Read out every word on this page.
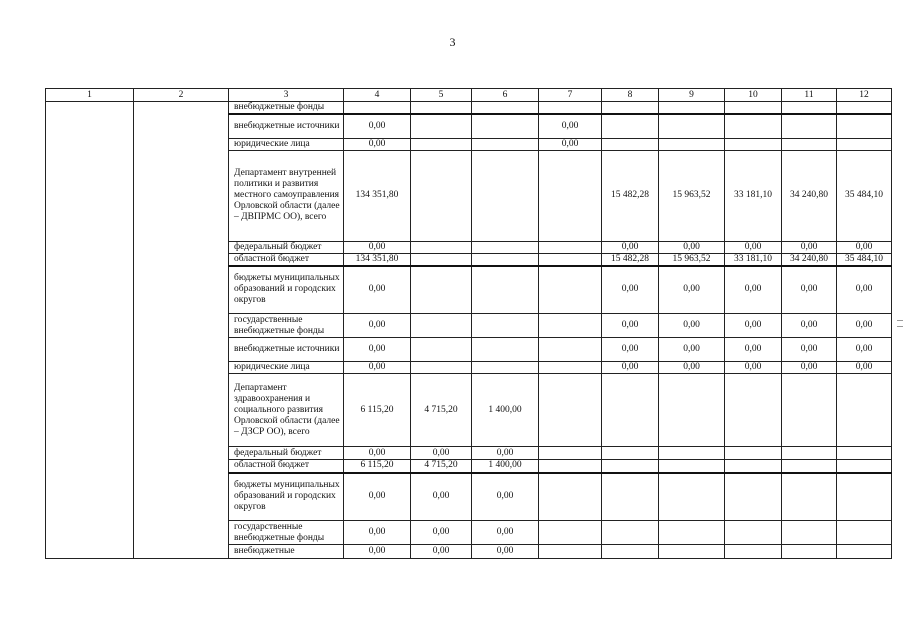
3
1	2	3	4	5	6	7	8	9	10	11	12
		внебюджетные фонды									
		внебюджетные источники	0,00			0,00					
		юридические лица	0,00			0,00					
		Департамент внутренней политики и развития местного самоуправления Орловской области (далее – ДВПРМС ОО), всего	134 351,80				15 482,28	15 963,52	33 181,10	34 240,80	35 484,10
		федеральный бюджет	0,00				0,00	0,00	0,00	0,00	0,00
		областной бюджет	134 351,80				15 482,28	15 963,52	33 181,10	34 240,80	35 484,10
		бюджеты муниципальных образований и городских округов	0,00				0,00	0,00	0,00	0,00	0,00
		государственные внебюджетные фонды	0,00				0,00	0,00	0,00	0,00	0,00
		внебюджетные источники	0,00				0,00	0,00	0,00	0,00	0,00
		юридические лица	0,00				0,00	0,00	0,00	0,00	0,00
		Департамент здравоохранения и социального развития Орловской области (далее – ДЗСР ОО), всего	6 115,20	4 715,20	1 400,00						
		федеральный бюджет	0,00	0,00	0,00						
		областной бюджет	6 115,20	4 715,20	1 400,00						
		бюджеты муниципальных образований и городских округов	0,00	0,00	0,00						
		государственные внебюджетные фонды	0,00	0,00	0,00						
		внебюджетные	0,00	0,00	0,00						
